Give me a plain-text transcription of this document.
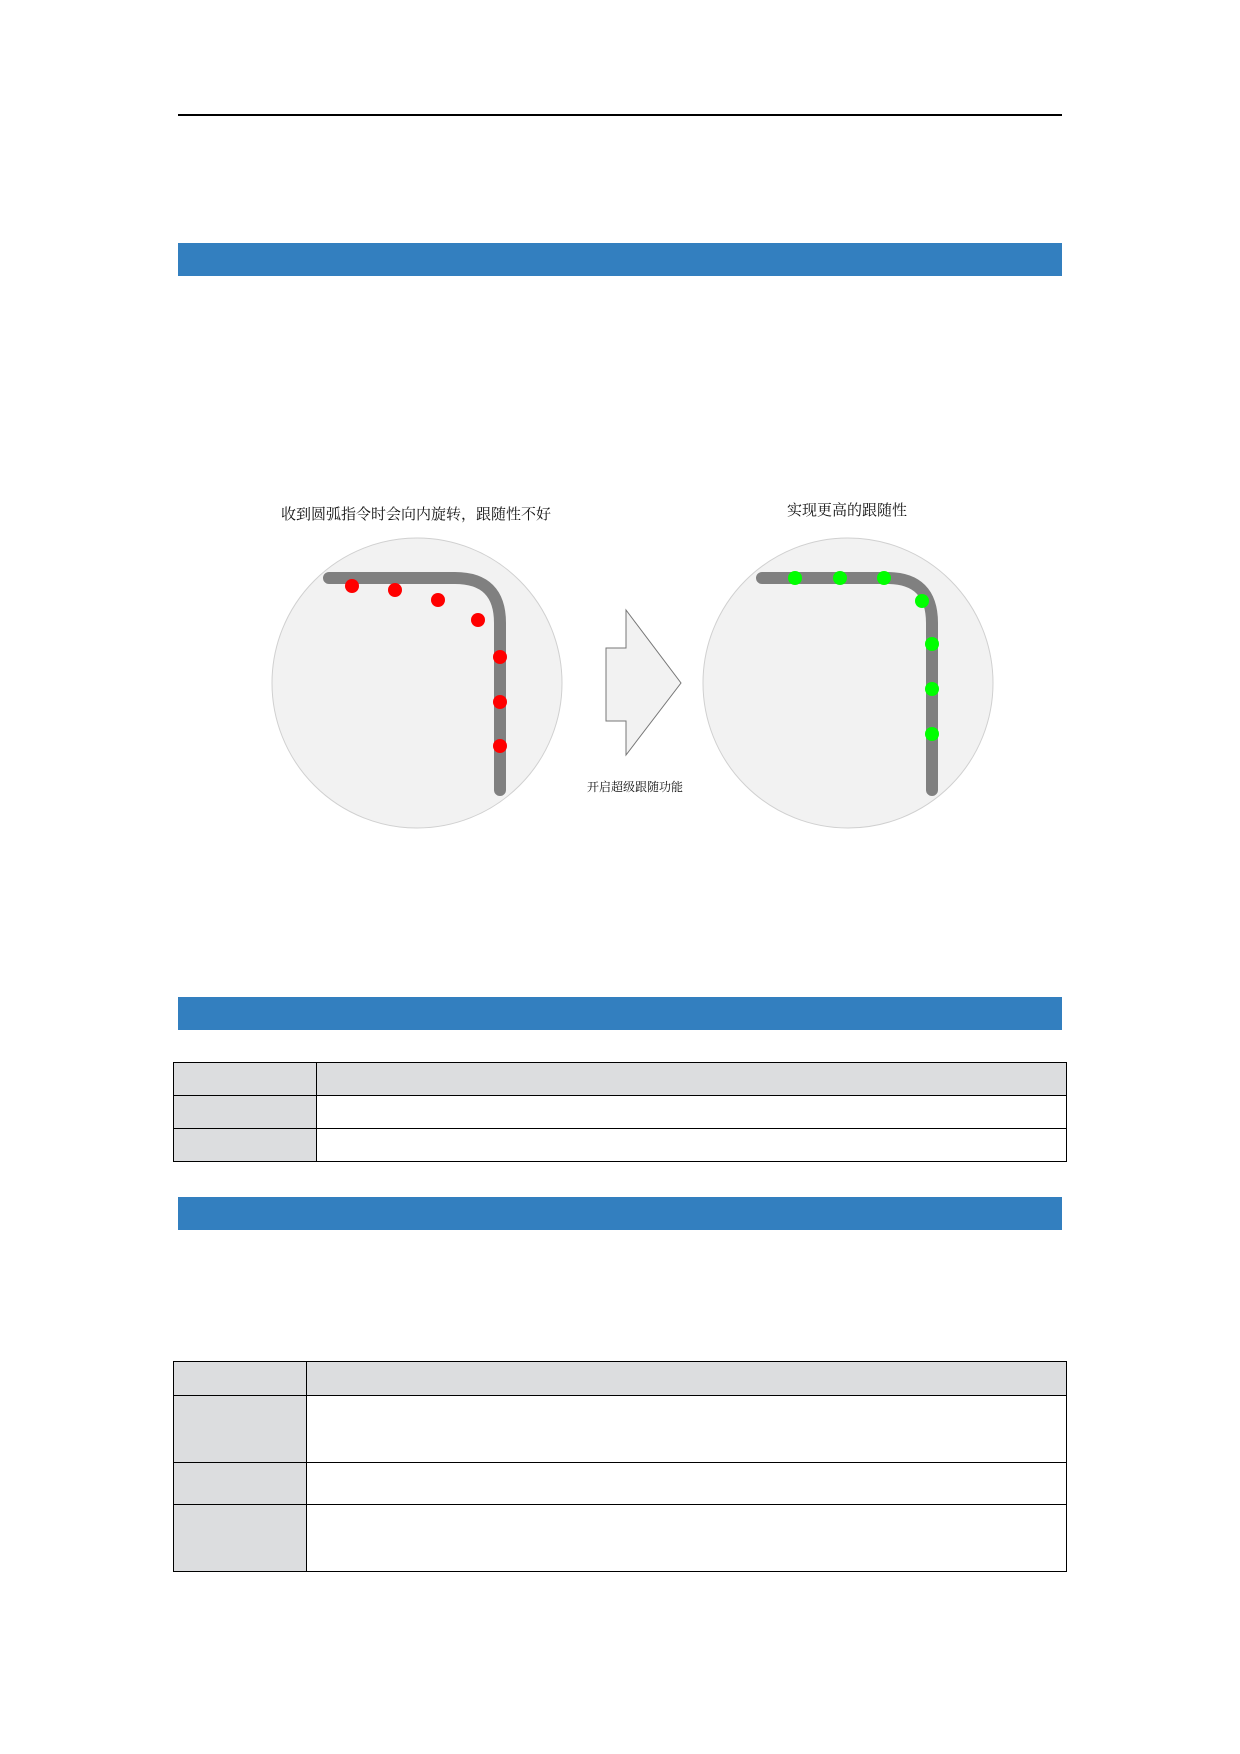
收到圆弧指令时会向内旋转，跟随性不好	实现更高的跟随性
开启超级跟随功能
